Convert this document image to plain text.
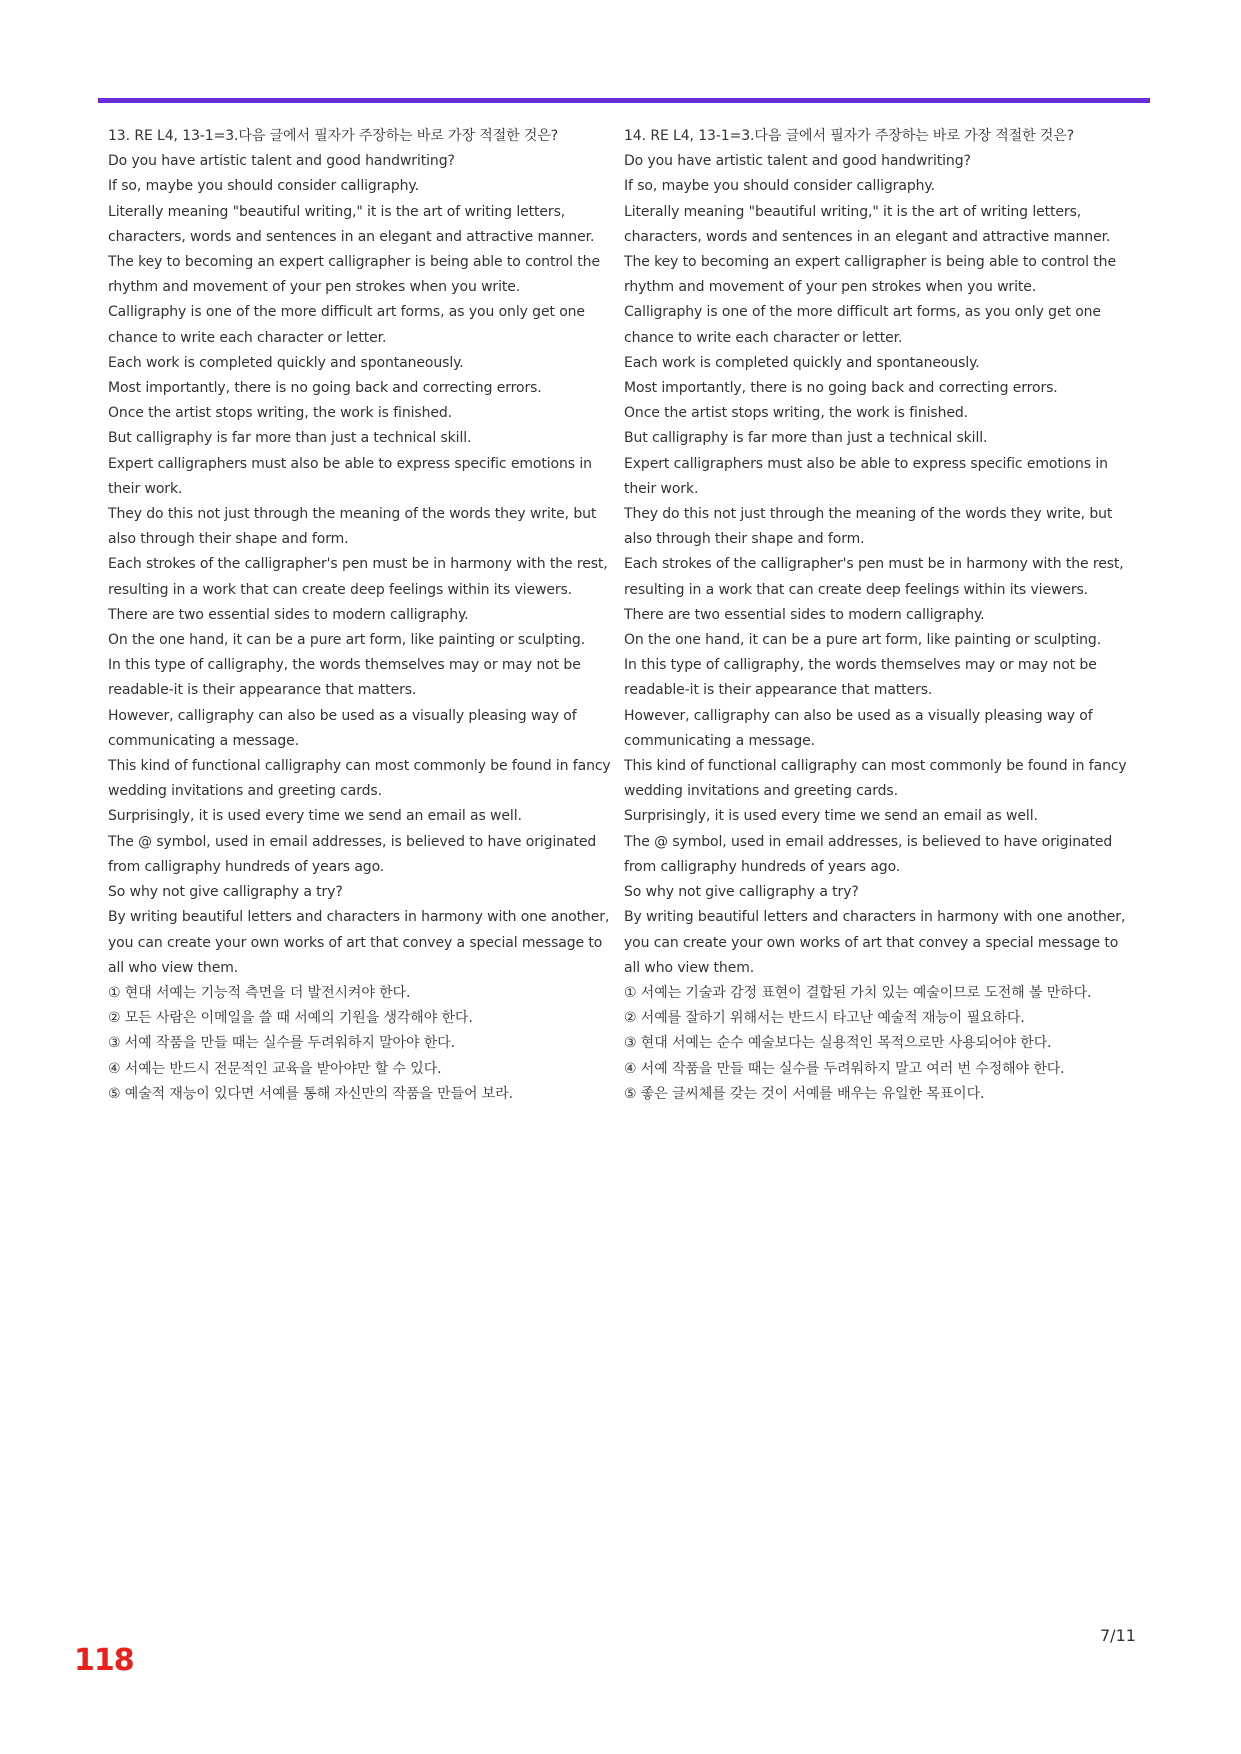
13. RE L4, 13-1=3.다음 글에서 필자가 주장하는 바로 가장 적절한 것은?

Do you have artistic talent and good handwriting?

If so, maybe you should consider calligraphy.

Literally meaning "beautiful writing," it is the art of writing letters, characters, words and sentences in an elegant and attractive manner.

The key to becoming an expert calligrapher is being able to control the rhythm and movement of your pen strokes when you write.

Calligraphy is one of the more difficult art forms, as you only get one chance to write each character or letter.

Each work is completed quickly and spontaneously.

Most importantly, there is no going back and correcting errors.

Once the artist stops writing, the work is finished.

But calligraphy is far more than just a technical skill.

Expert calligraphers must also be able to express specific emotions in their work.

They do this not just through the meaning of the words they write, but also through their shape and form.

Each strokes of the calligrapher's pen must be in harmony with the rest, resulting in a work that can create deep feelings within its viewers.

There are two essential sides to modern calligraphy.

On the one hand, it can be a pure art form, like painting or sculpting.

In this type of calligraphy, the words themselves may or may not be readable-it is their appearance that matters.

However, calligraphy can also be used as a visually pleasing way of communicating a message.

This kind of functional calligraphy can most commonly be found in fancy wedding invitations and greeting cards.

Surprisingly, it is used every time we send an email as well.

The @ symbol, used in email addresses, is believed to have originated from calligraphy hundreds of years ago.

So why not give calligraphy a try?

By writing beautiful letters and characters in harmony with one another, you can create your own works of art that convey a special message to all who view them.

① 현대 서예는 기능적 측면을 더 발전시켜야 한다.

② 모든 사람은 이메일을 쓸 때 서예의 기원을 생각해야 한다.

③ 서예 작품을 만들 때는 실수를 두려워하지 말아야 한다.

④ 서예는 반드시 전문적인 교육을 받아야만 할 수 있다.

⑤ 예술적 재능이 있다면 서예를 통해 자신만의 작품을 만들어 보라.

14. RE L4, 13-1=3.다음 글에서 필자가 주장하는 바로 가장 적절한 것은?

Do you have artistic talent and good handwriting?

If so, maybe you should consider calligraphy.

Literally meaning "beautiful writing," it is the art of writing letters, characters, words and sentences in an elegant and attractive manner.

The key to becoming an expert calligrapher is being able to control the rhythm and movement of your pen strokes when you write.

Calligraphy is one of the more difficult art forms, as you only get one chance to write each character or letter.

Each work is completed quickly and spontaneously.

Most importantly, there is no going back and correcting errors.

Once the artist stops writing, the work is finished.

But calligraphy is far more than just a technical skill.

Expert calligraphers must also be able to express specific emotions in their work.

They do this not just through the meaning of the words they write, but also through their shape and form.

Each strokes of the calligrapher's pen must be in harmony with the rest, resulting in a work that can create deep feelings within its viewers.

There are two essential sides to modern calligraphy.

On the one hand, it can be a pure art form, like painting or sculpting.

In this type of calligraphy, the words themselves may or may not be readable-it is their appearance that matters.

However, calligraphy can also be used as a visually pleasing way of communicating a message.

This kind of functional calligraphy can most commonly be found in fancy wedding invitations and greeting cards.

Surprisingly, it is used every time we send an email as well.

The @ symbol, used in email addresses, is believed to have originated from calligraphy hundreds of years ago.

So why not give calligraphy a try?

By writing beautiful letters and characters in harmony with one another, you can create your own works of art that convey a special message to all who view them.

① 서예는 기술과 감정 표현이 결합된 가치 있는 예술이므로 도전해 볼 만하다.

② 서예를 잘하기 위해서는 반드시 타고난 예술적 재능이 필요하다.

③ 현대 서예는 순수 예술보다는 실용적인 목적으로만 사용되어야 한다.

④ 서예 작품을 만들 때는 실수를 두려워하지 말고 여러 번 수정해야 한다.

⑤ 좋은 글씨체를 갖는 것이 서예를 배우는 유일한 목표이다.

7/11
118
